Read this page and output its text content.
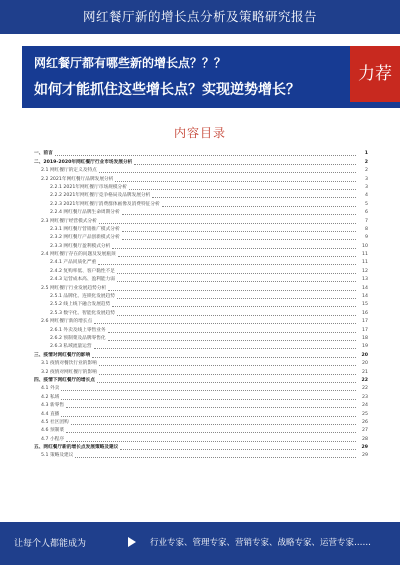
网红餐厅新的增长点分析及策略研究报告
网红餐厅都有哪些新的增长点？？？
如何才能抓住这些增长点？实现逆势增长？
力荐
内容目录
一、前言	1
二、2019-2020年网红餐厅行业市场发展分析	2
2.1 网红餐厅的定义及特点	2
2.2 2021年网红餐厅品牌发展分析	3
2.2.1 2021年网红餐厅市场规模分析	3
2.2.2 2021年网红餐厅竞争格局及品牌发展分析	4
2.2.3 2021年网红餐厅消费群体画像及消费特征分析	5
2.2.4 网红餐厅品牌生命周期分析	6
2.3 网红餐厅经营模式分析	7
2.3.1 网红餐厅营销推广模式分析	8
2.3.2 网红餐厅产品创新模式分析	9
2.3.3 网红餐厅盈利模式分析	10
2.4 网红餐厅存在的问题及发展瓶颈	11
2.4.1 产品同质化严重	11
2.4.2 复购率低、客户黏性不足	12
2.4.3 运营成本高、盈利能力弱	13
2.5 网红餐厅行业发展趋势分析	14
2.5.1 品牌化、连锁化发展趋势	14
2.5.2 线上线下融合发展趋势	15
2.5.3 数字化、智能化发展趋势	16
2.6 网红餐厅新的增长点	17
2.6.1 外卖及线上零售业务	17
2.6.2 预制菜及品牌零售化	18
2.6.3 私域流量运营	19
三、疫情对网红餐厅的影响	20
3.1 疫情对餐饮行业的影响	20
3.2 疫情对网红餐厅的影响	21
四、疫情下网红餐厅的增长点	22
4.1 外卖	22
4.2 私域	23
4.3 新零售	24
4.4 直播	25
4.5 社区团购	26
4.6 预制菜	27
4.7 小程序	28
五、网红餐厅新的增长点发展策略及建议	29
5.1 策略及建议	29
让每个人都能成为	行业专家、管理专家、营销专家、战略专家、运营专家……
